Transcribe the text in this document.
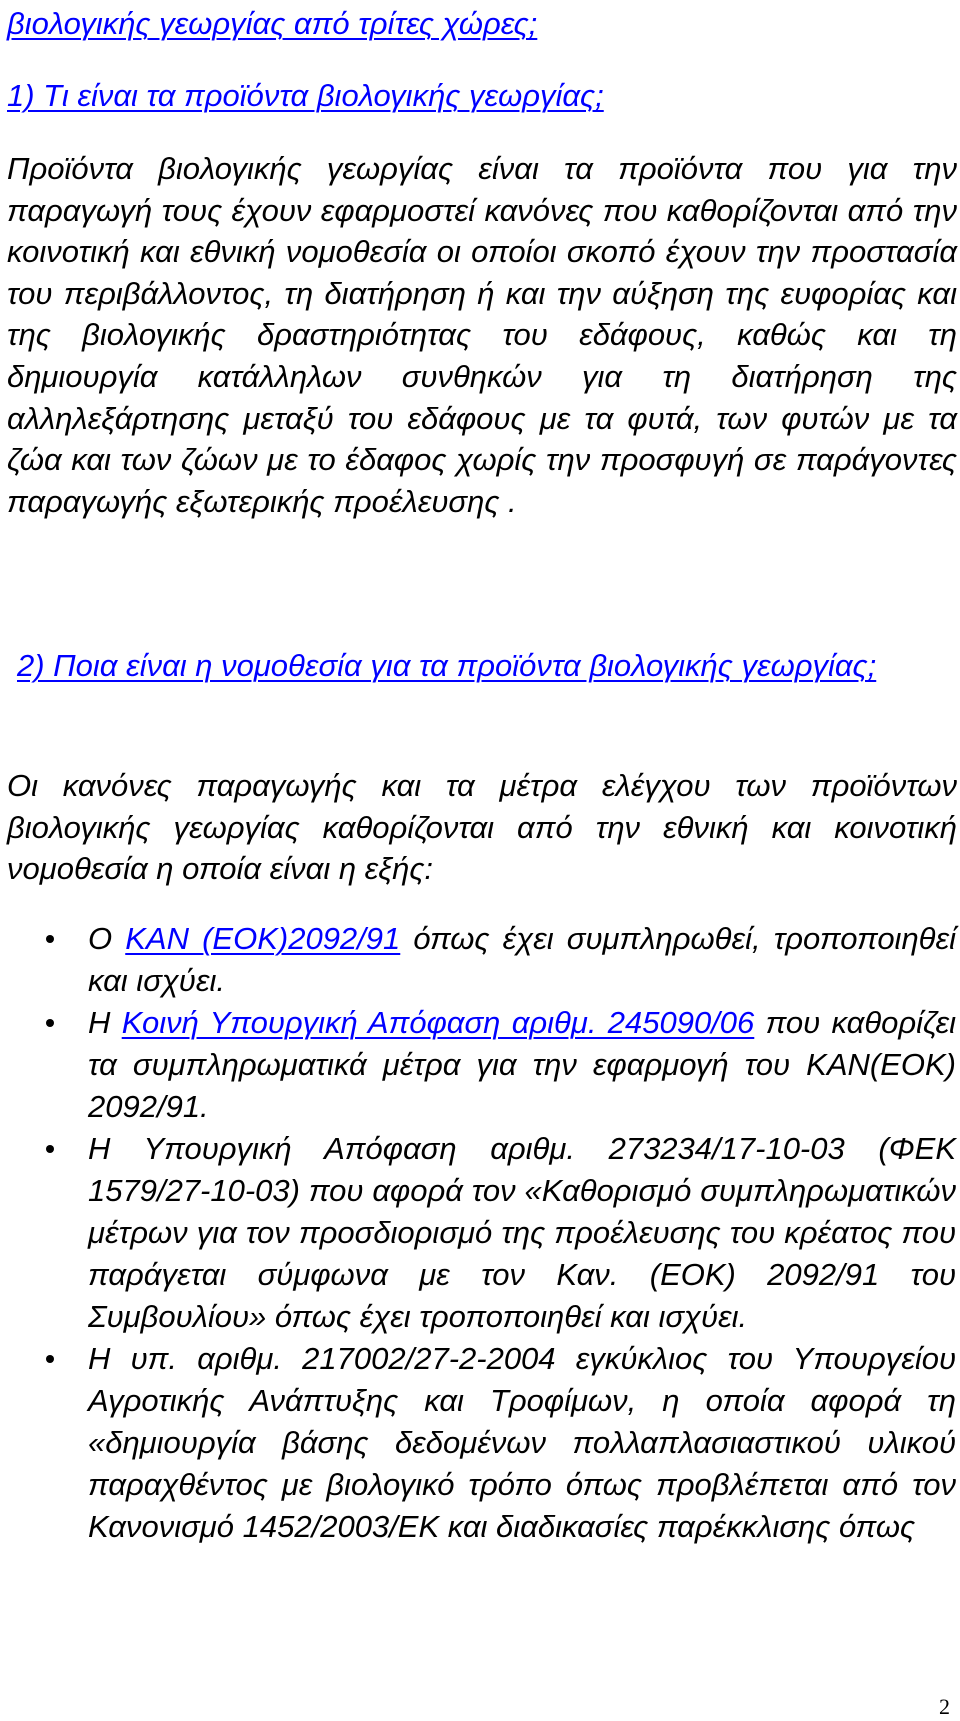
βιολογικής γεωργίας από τρίτες χώρες;
1) Τι είναι τα προϊόντα βιολογικής γεωργίας;
Προϊόντα βιολογικής γεωργίας είναι τα προϊόντα που για την παραγωγή τους έχουν εφαρμοστεί κανόνες που καθορίζονται από την κοινοτική και εθνική νομοθεσία οι οποίοι σκοπό έχουν την προστασία του περιβάλλοντος, τη διατήρηση ή και την αύξηση της ευφορίας και της βιολογικής δραστηριότητας του εδάφους, καθώς και τη δημιουργία κατάλληλων συνθηκών για τη διατήρηση της αλληλεξάρτησης μεταξύ του εδάφους με τα φυτά, των φυτών με τα ζώα και των ζώων με το έδαφος χωρίς την προσφυγή σε παράγοντες παραγωγής εξωτερικής προέλευσης .
2) Ποια είναι η νομοθεσία για τα προϊόντα βιολογικής γεωργίας;
Οι κανόνες παραγωγής και τα μέτρα ελέγχου των προϊόντων βιολογικής γεωργίας καθορίζονται από την εθνική και κοινοτική νομοθεσία η οποία είναι η εξής:
Ο ΚΑΝ (ΕΟΚ)2092/91 όπως έχει συμπληρωθεί, τροποποιηθεί και ισχύει.
Η Κοινή Υπουργική Απόφαση αριθμ. 245090/06 που καθορίζει τα συμπληρωματικά μέτρα για την εφαρμογή του ΚΑΝ(ΕΟΚ) 2092/91.
Η Υπουργική Απόφαση αριθμ. 273234/17-10-03 (ΦΕΚ 1579/27-10-03) που αφορά τον «Καθορισμό συμπληρωματικών μέτρων για τον προσδιορισμό της προέλευσης του κρέατος που παράγεται σύμφωνα με τον Καν. (ΕΟΚ) 2092/91 του Συμβουλίου» όπως έχει τροποποιηθεί και ισχύει.
Η υπ. αριθμ. 217002/27-2-2004 εγκύκλιος του Υπουργείου Αγροτικής Ανάπτυξης και Τροφίμων, η οποία αφορά τη «δημιουργία βάσης δεδομένων πολλαπλασιαστικού υλικού παραχθέντος με βιολογικό τρόπο όπως προβλέπεται από τον Κανονισμό 1452/2003/ΕΚ και διαδικασίες παρέκκλισης όπως
2
